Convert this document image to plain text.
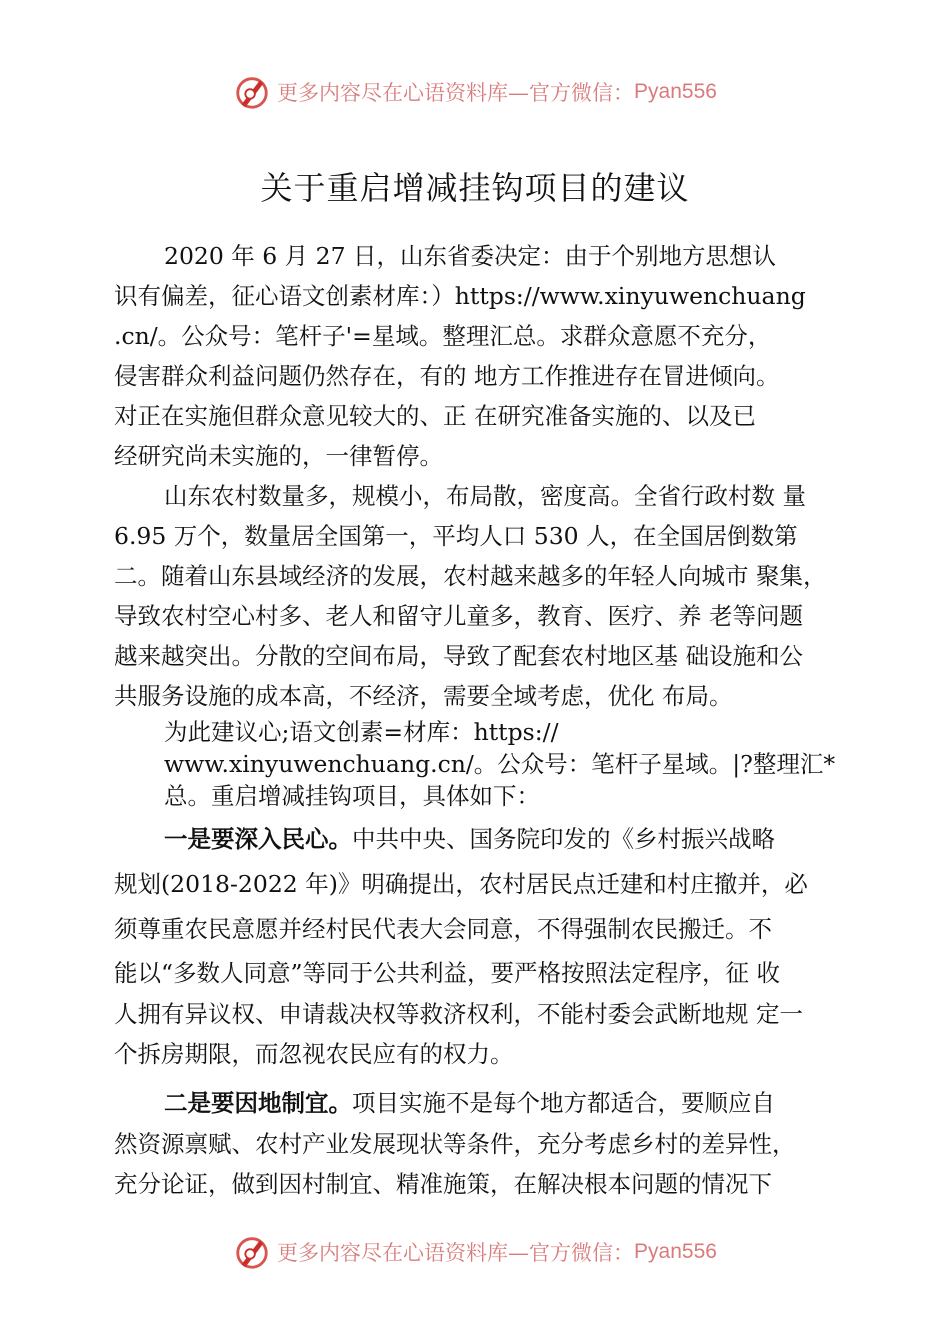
更多内容尽在心语资料库—官方微信： Pyan556
关于重启增减挂钩项目的建议
2020 年 6 月 27 日，山东省委决定：由于个别地方思想认
识有偏差，征心语文创素材库：）https://www.xinyuwenchuang
.cn/。公众号：笔杆子'=星域。整理汇总。求群众意愿不充分，
侵害群众利益问题仍然存在，有的 地方工作推进存在冒进倾向。
对正在实施但群众意见较大的、正 在研究准备实施的、以及已
经研究尚未实施的，一律暂停。
山东农村数量多，规模小，布局散，密度高。全省行政村数 量
6.95 万个，数量居全国第一，平均人口 530 人，在全国居倒数第
二。随着山东县域经济的发展，农村越来越多的年轻人向城市 聚集，
导致农村空心村多、老人和留守儿童多，教育、医疗、养 老等问题
越来越突出。分散的空间布局，导致了配套农村地区基 础设施和公
共服务设施的成本高，不经济，需要全域考虑，优化 布局。
为此建议心;语文创素=材库：https://
www.xinyuwenchuang.cn/。公众号：笔杆子星域。|?整理汇*
总。重启增减挂钩项目，具体如下：
一是要深入民心。中共中央、国务院印发的《乡村振兴战略
规划(2018-2022 年)》明确提出，农村居民点迁建和村庄撤并，必
须尊重农民意愿并经村民代表大会同意，不得强制农民搬迁。不
能以“多数人同意”等同于公共利益，要严格按照法定程序，征 收
人拥有异议权、申请裁决权等救济权利，不能村委会武断地规 定一
个拆房期限，而忽视农民应有的权力。
二是要因地制宜。项目实施不是每个地方都适合，要顺应自
然资源禀赋、农村产业发展现状等条件，充分考虑乡村的差异性，
充分论证，做到因村制宜、精准施策，在解决根本问题的情况下
更多内容尽在心语资料库—官方微信： Pyan556
